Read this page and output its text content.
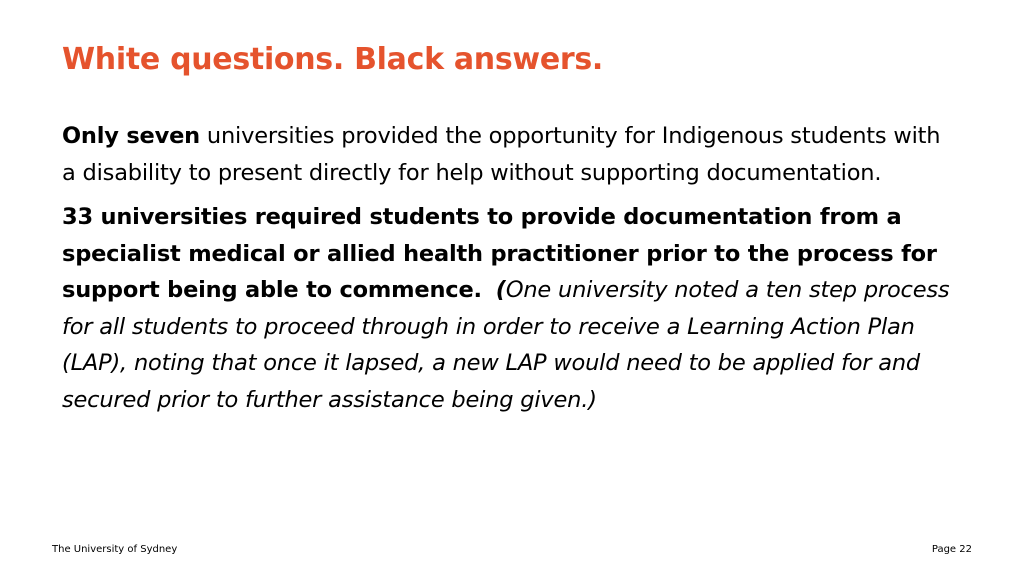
White questions. Black answers.

Only seven universities provided the opportunity for Indigenous students with a disability to present directly for help without supporting documentation.

33 universities required students to provide documentation from a specialist medical or allied health practitioner prior to the process for support being able to commence. (One university noted a ten step process for all students to proceed through in order to receive a Learning Action Plan (LAP), noting that once it lapsed, a new LAP would need to be applied for and secured prior to further assistance being given.)

The University of Sydney	Page 22
